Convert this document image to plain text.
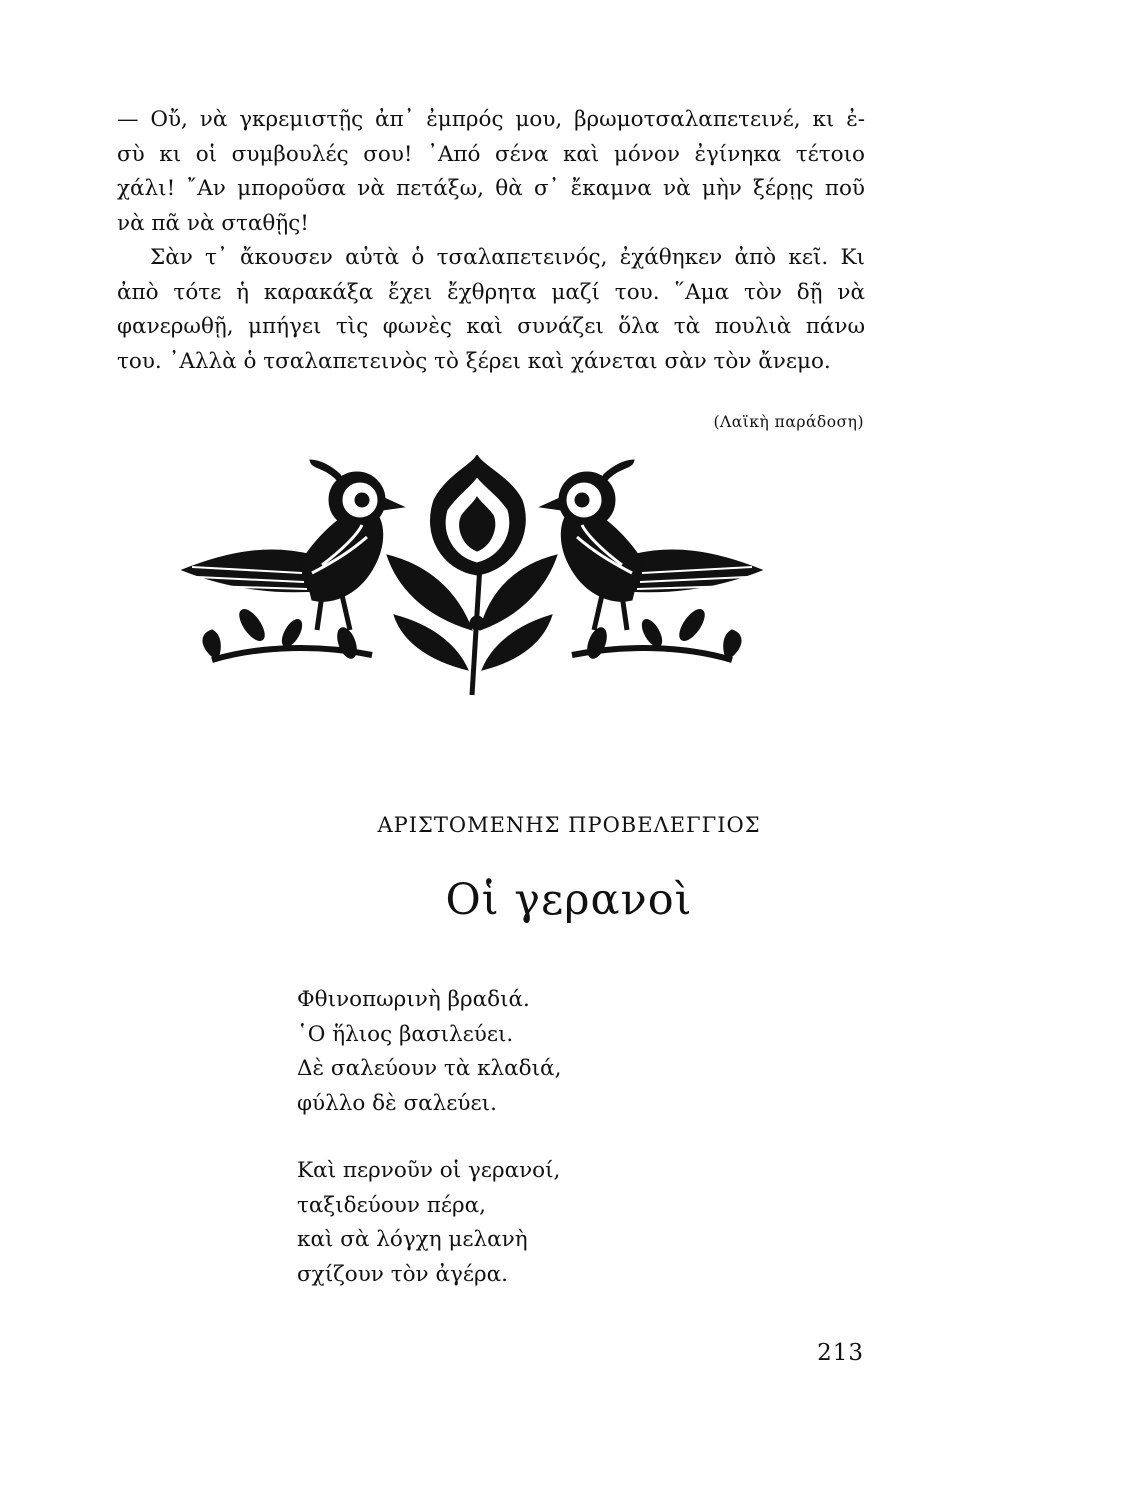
— Οὔ, νὰ γκρεμιστῇς ἀπ᾽ ἐμπρός μου, βρωμοτσαλαπετεινέ, κι ἐ-
σὺ κι οἱ συμβουλές σου! ᾽Από σένα καὶ μόνον ἐγίνηκα τέτοιο
χάλι! ῎Αν μποροῦσα νὰ πετάξω, θὰ σ᾽ ἔκαμνα νὰ μὴν ξέρῃς ποῦ
νὰ πᾶ νὰ σταθῇς!

Σὰν τ᾽ ἄκουσεν αὐτὰ ὁ τσαλαπετεινός, ἐχάθηκεν ἀπὸ κεῖ. Κι
ἀπὸ τότε ἡ καρακάξα ἔχει ἔχθρητα μαζί του. ῞Αμα τὸν δῇ νὰ
φανερωθῇ, μπήγει τὶς φωνὲς καὶ συνάζει ὅλα τὰ πουλιὰ πάνω
του. ᾽Αλλὰ ὁ τσαλαπετεινὸς τὸ ξέρει καὶ χάνεται σὰν τὸν ἄνεμο.

(Λαϊκὴ παράδοση)
ΑΡΙΣΤΟΜΕΝΗΣ ΠΡΟΒΕΛΕΓΓΙΟΣ
Οἱ γερανοὶ
Φθινοπωρινὴ βραδιά.
῾Ο ἥλιος βασιλεύει.
Δὲ σαλεύουν τὰ κλαδιά,
φύλλο δὲ σαλεύει.
Καὶ περνοῦν οἱ γερανοί,
ταξιδεύουν πέρα,
καὶ σὰ λόγχη μελανὴ
σχίζουν τὸν ἀγέρα.
213
